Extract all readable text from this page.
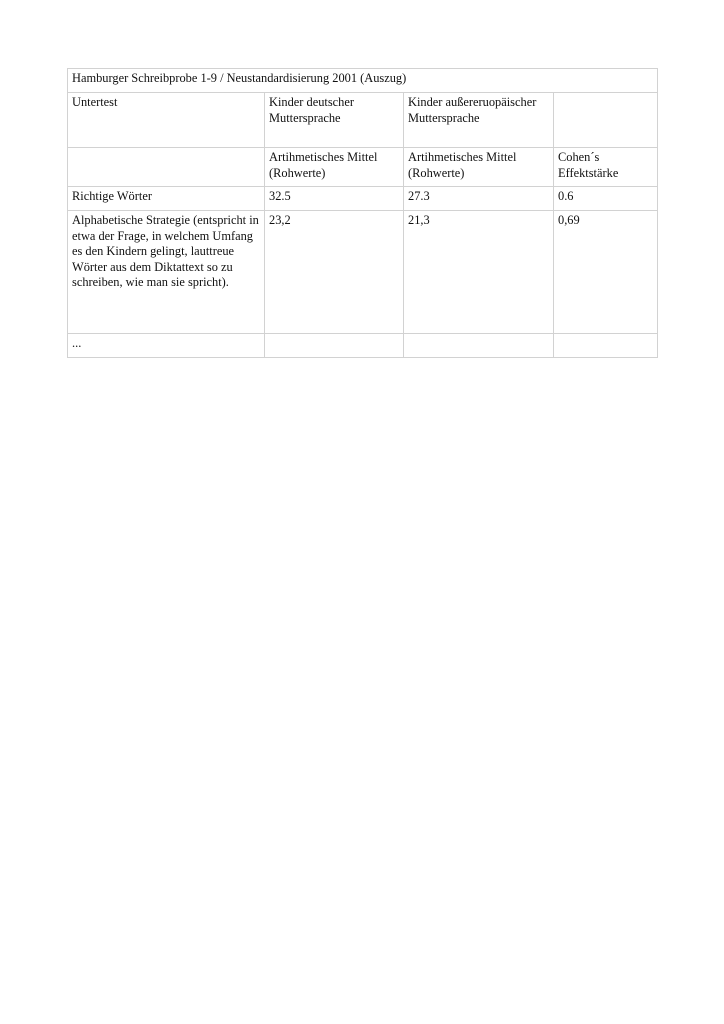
Hamburger Schreibprobe 1-9 / Neustandardisierung 2001 (Auszug)			
Untertest	Kinder deutscher Muttersprache	Kinder außereruopäischer Muttersprache	
	Artihmetisches Mittel (Rohwerte)	Artihmetisches Mittel (Rohwerte)	Cohen´s Effektstärke
Richtige Wörter	32.5	27.3	0.6
Alphabetische Strategie (entspricht in etwa der Frage, in welchem Umfang es den Kindern gelingt, lauttreue Wörter aus dem Diktattext so zu schreiben, wie man sie spricht).	23,2	21,3	0,69
...			
